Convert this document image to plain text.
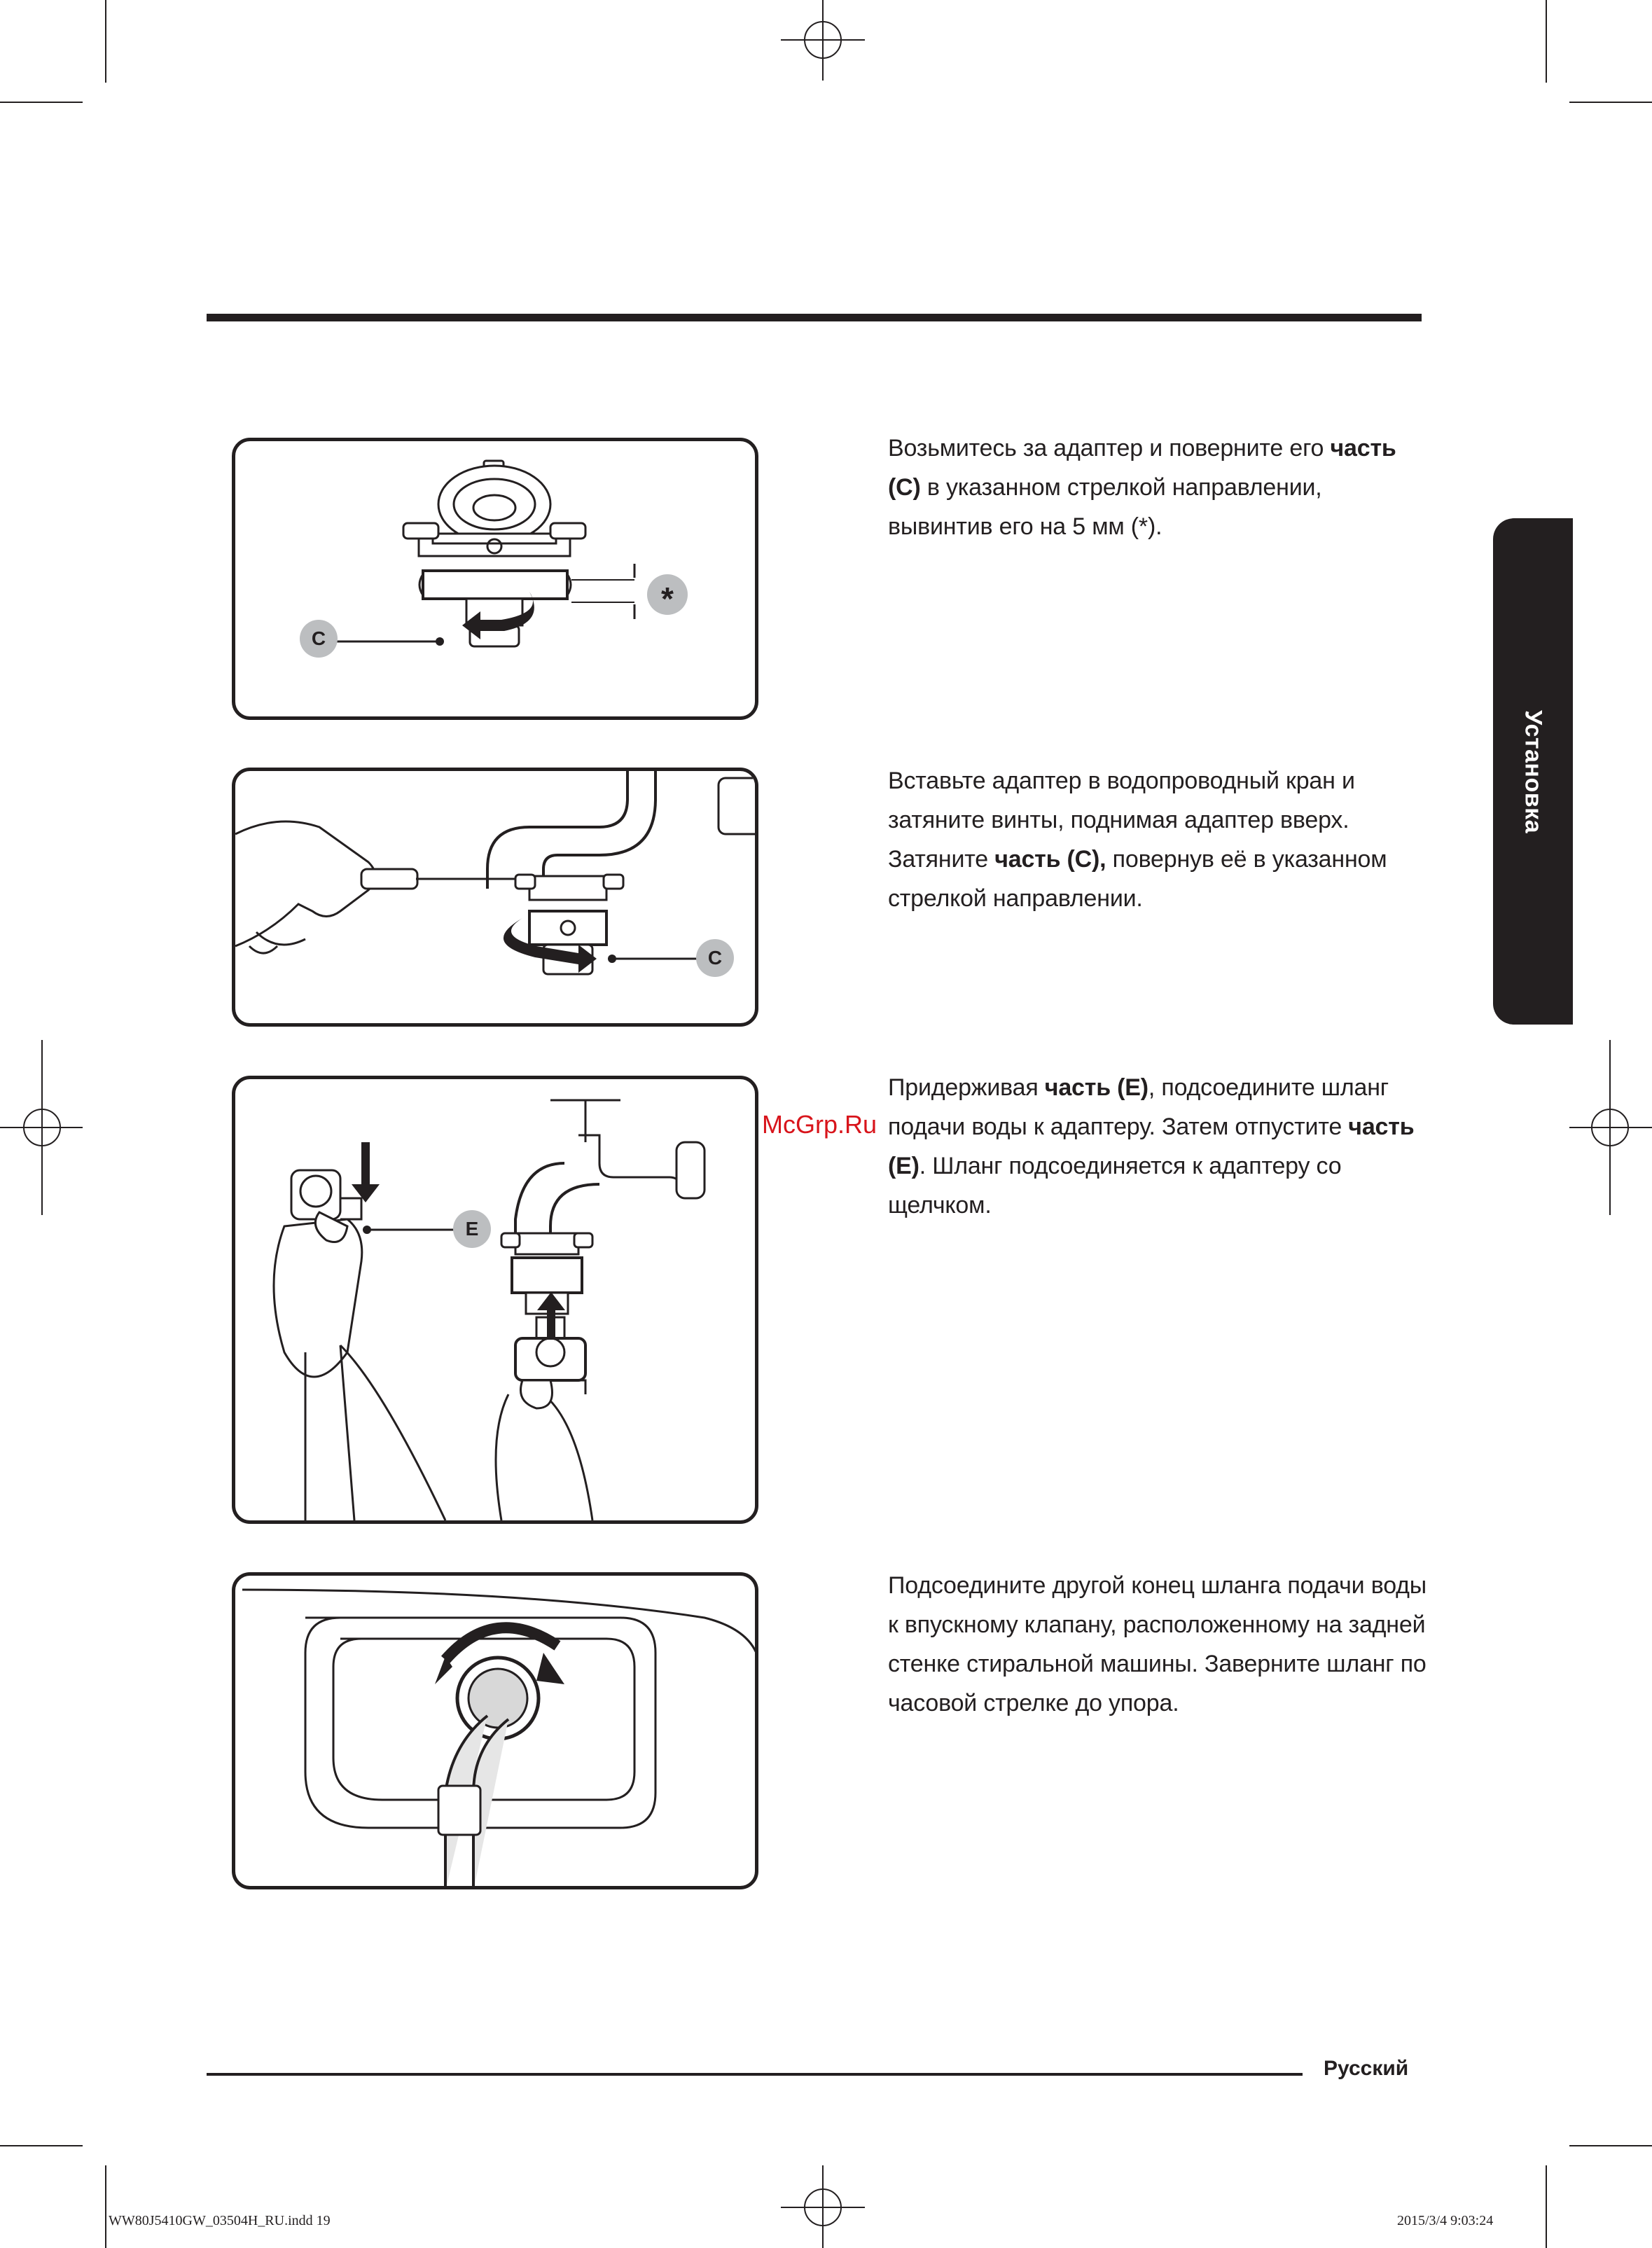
Установка
C
*
C
E
Возьмитесь за адаптер и поверните его часть (С) в указанном стрелкой направлении, вывинтив его на 5 мм (*).
Вставьте адаптер в водопроводный кран и затяните винты, поднимая адаптер вверх. Затяните часть (С), повернув её в указанном стрелкой направлении.
Придерживая часть (E), подсоедините шланг подачи воды к адаптеру. Затем отпустите часть (E). Шланг подсоединяется к адаптеру со щелчком.
Подсоедините другой конец шланга подачи воды к впускному клапану, расположенному на задней стенке стиральной машины. Заверните шланг по часовой стрелке до упора.
McGrp.Ru
Русский
WW80J5410GW_03504H_RU.indd 19	2015/3/4 9:03:24
